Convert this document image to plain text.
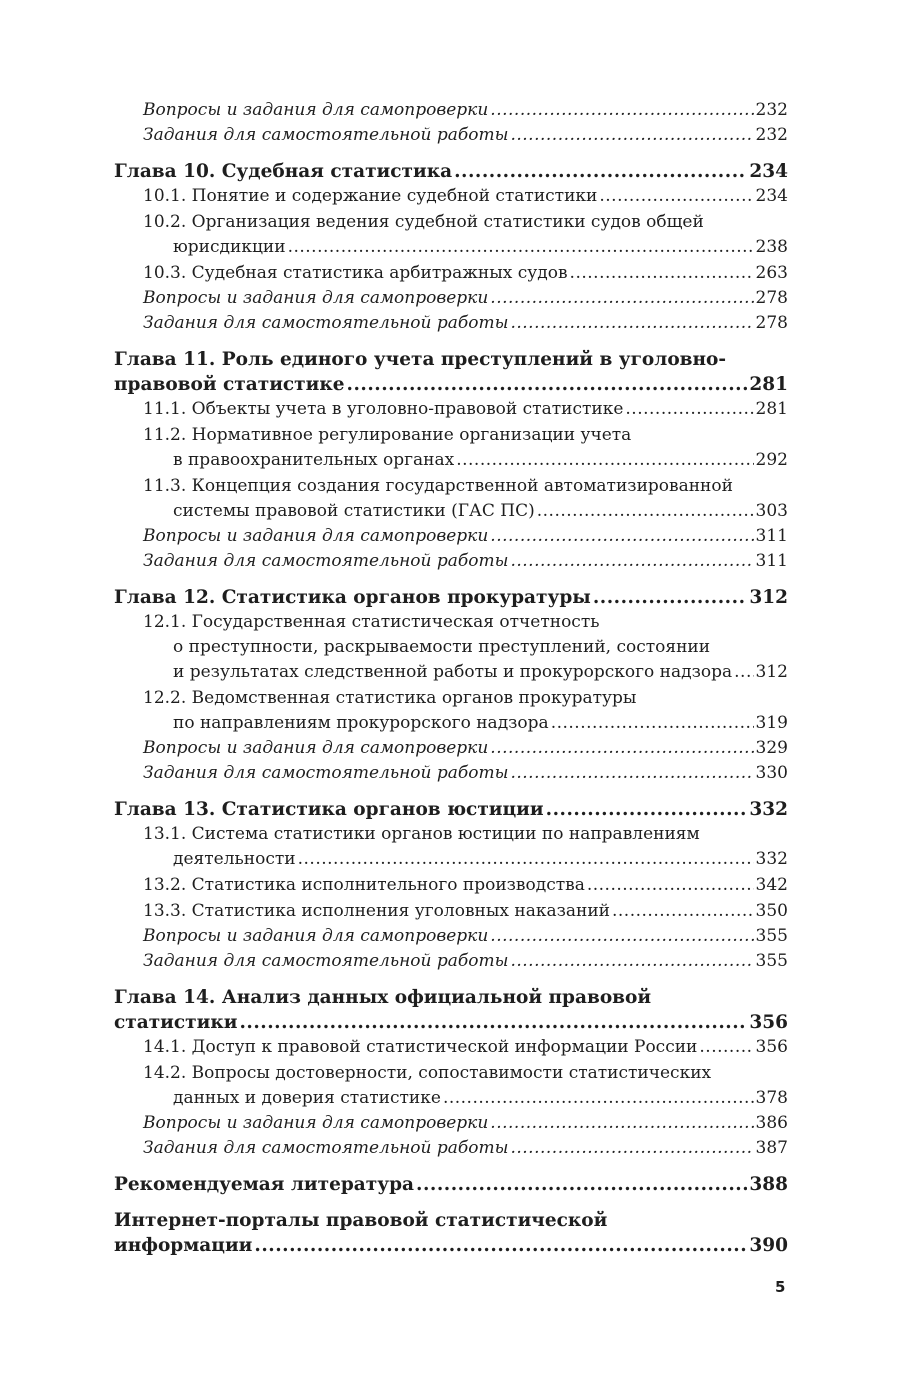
Вопросы и задания для самопроверки .....	232
Задания для самостоятельной работы .....	232
Глава 10. Судебная статистика .....	234
10.1. Понятие и содержание судебной статистики .....	234
10.2. Организация ведения судебной статистики судов общей
юрисдикции .....	238
10.3. Судебная статистика арбитражных судов .....	263
Вопросы и задания для самопроверки .....	278
Задания для самостоятельной работы .....	278
Глава 11. Роль единого учета преступлений в уголовно-
правовой статистике .....	281
11.1. Объекты учета в уголовно-правовой статистике .....	281
11.2. Нормативное регулирование организации учета
в правоохранительных органах .....	292
11.3. Концепция создания государственной автоматизированной
системы правовой статистики (ГАС ПС) .....	303
Вопросы и задания для самопроверки .....	311
Задания для самостоятельной работы .....	311
Глава 12. Статистика органов прокуратуры .....	312
12.1. Государственная статистическая отчетность
о преступности, раскрываемости преступлений, состоянии
и результатах следственной работы и прокурорского надзора ..... 312
12.2. Ведомственная статистика органов прокуратуры
по направлениям прокурорского надзора .....	319
Вопросы и задания для самопроверки .....	329
Задания для самостоятельной работы .....	330
Глава 13. Статистика органов юстиции .....	332
13.1. Система статистики органов юстиции по направлениям
деятельности .....	332
13.2. Статистика исполнительного производства .....	342
13.3. Статистика исполнения уголовных наказаний .....	350
Вопросы и задания для самопроверки .....	355
Задания для самостоятельной работы .....	355
Глава 14. Анализ данных официальной правовой
статистики .....	356
14.1. Доступ к правовой статистической информации России .....	356
14.2. Вопросы достоверности, сопоставимости статистических
данных и доверия статистике .....	378
Вопросы и задания для самопроверки .....	386
Задания для самостоятельной работы .....	387
Рекомендуемая литература .....	388
Интернет-порталы правовой статистической
информации .....	390
5
